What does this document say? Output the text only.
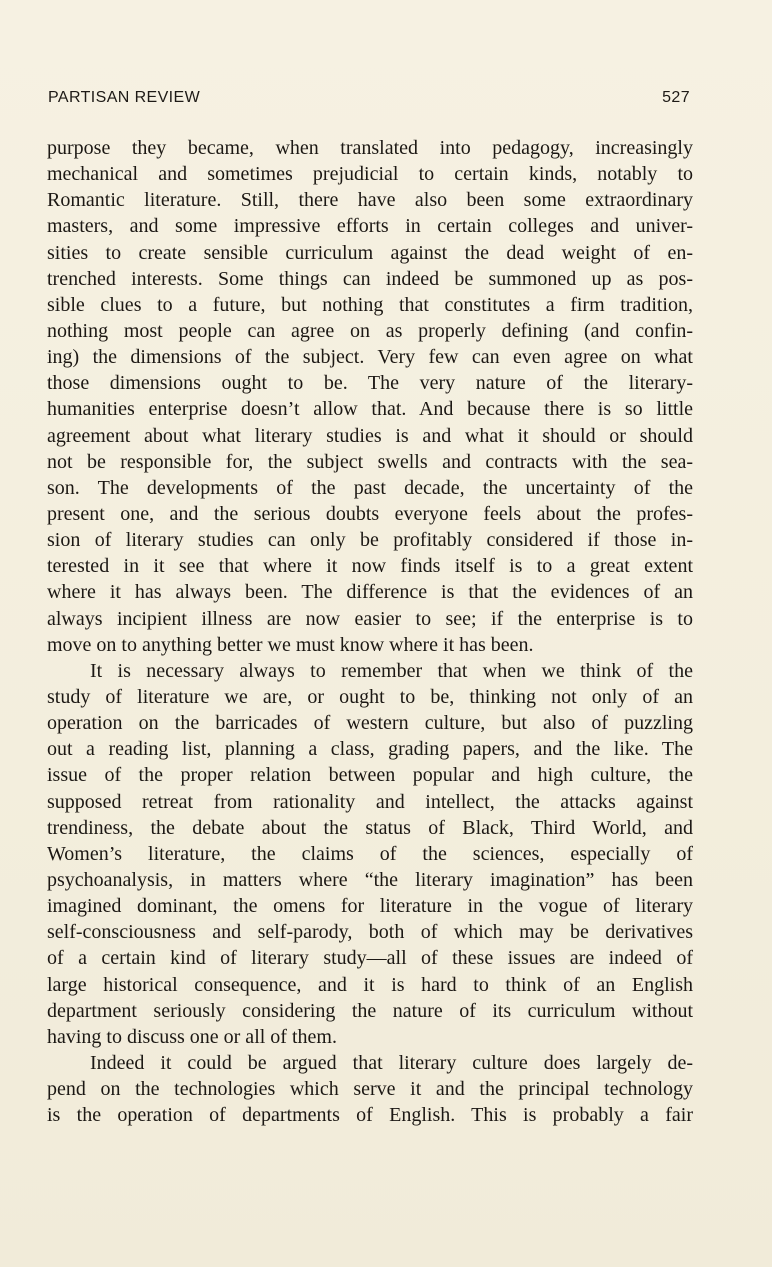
PARTISAN REVIEW	527
purpose they became, when translated into pedagogy, increasingly
mechanical and sometimes prejudicial to certain kinds, notably to
Romantic literature. Still, there have also been some extraordinary
masters, and some impressive efforts in certain colleges and univer-
sities to create sensible curriculum against the dead weight of en-
trenched interests. Some things can indeed be summoned up as pos-
sible clues to a future, but nothing that constitutes a firm tradition,
nothing most people can agree on as properly defining (and confin-
ing) the dimensions of the subject. Very few can even agree on what
those dimensions ought to be. The very nature of the literary-
humanities enterprise doesn’t allow that. And because there is so little
agreement about what literary studies is and what it should or should
not be responsible for, the subject swells and contracts with the sea-
son. The developments of the past decade, the uncertainty of the
present one, and the serious doubts everyone feels about the profes-
sion of literary studies can only be profitably considered if those in-
terested in it see that where it now finds itself is to a great extent
where it has always been. The difference is that the evidences of an
always incipient illness are now easier to see; if the enterprise is to
move on to anything better we must know where it has been.
It is necessary always to remember that when we think of the
study of literature we are, or ought to be, thinking not only of an
operation on the barricades of western culture, but also of puzzling
out a reading list, planning a class, grading papers, and the like. The
issue of the proper relation between popular and high culture, the
supposed retreat from rationality and intellect, the attacks against
trendiness, the debate about the status of Black, Third World, and
Women’s literature, the claims of the sciences, especially of
psychoanalysis, in matters where “the literary imagination” has been
imagined dominant, the omens for literature in the vogue of literary
self-consciousness and self-parody, both of which may be derivatives
of a certain kind of literary study—all of these issues are indeed of
large historical consequence, and it is hard to think of an English
department seriously considering the nature of its curriculum without
having to discuss one or all of them.
Indeed it could be argued that literary culture does largely de-
pend on the technologies which serve it and the principal technology
is the operation of departments of English. This is probably a fair
